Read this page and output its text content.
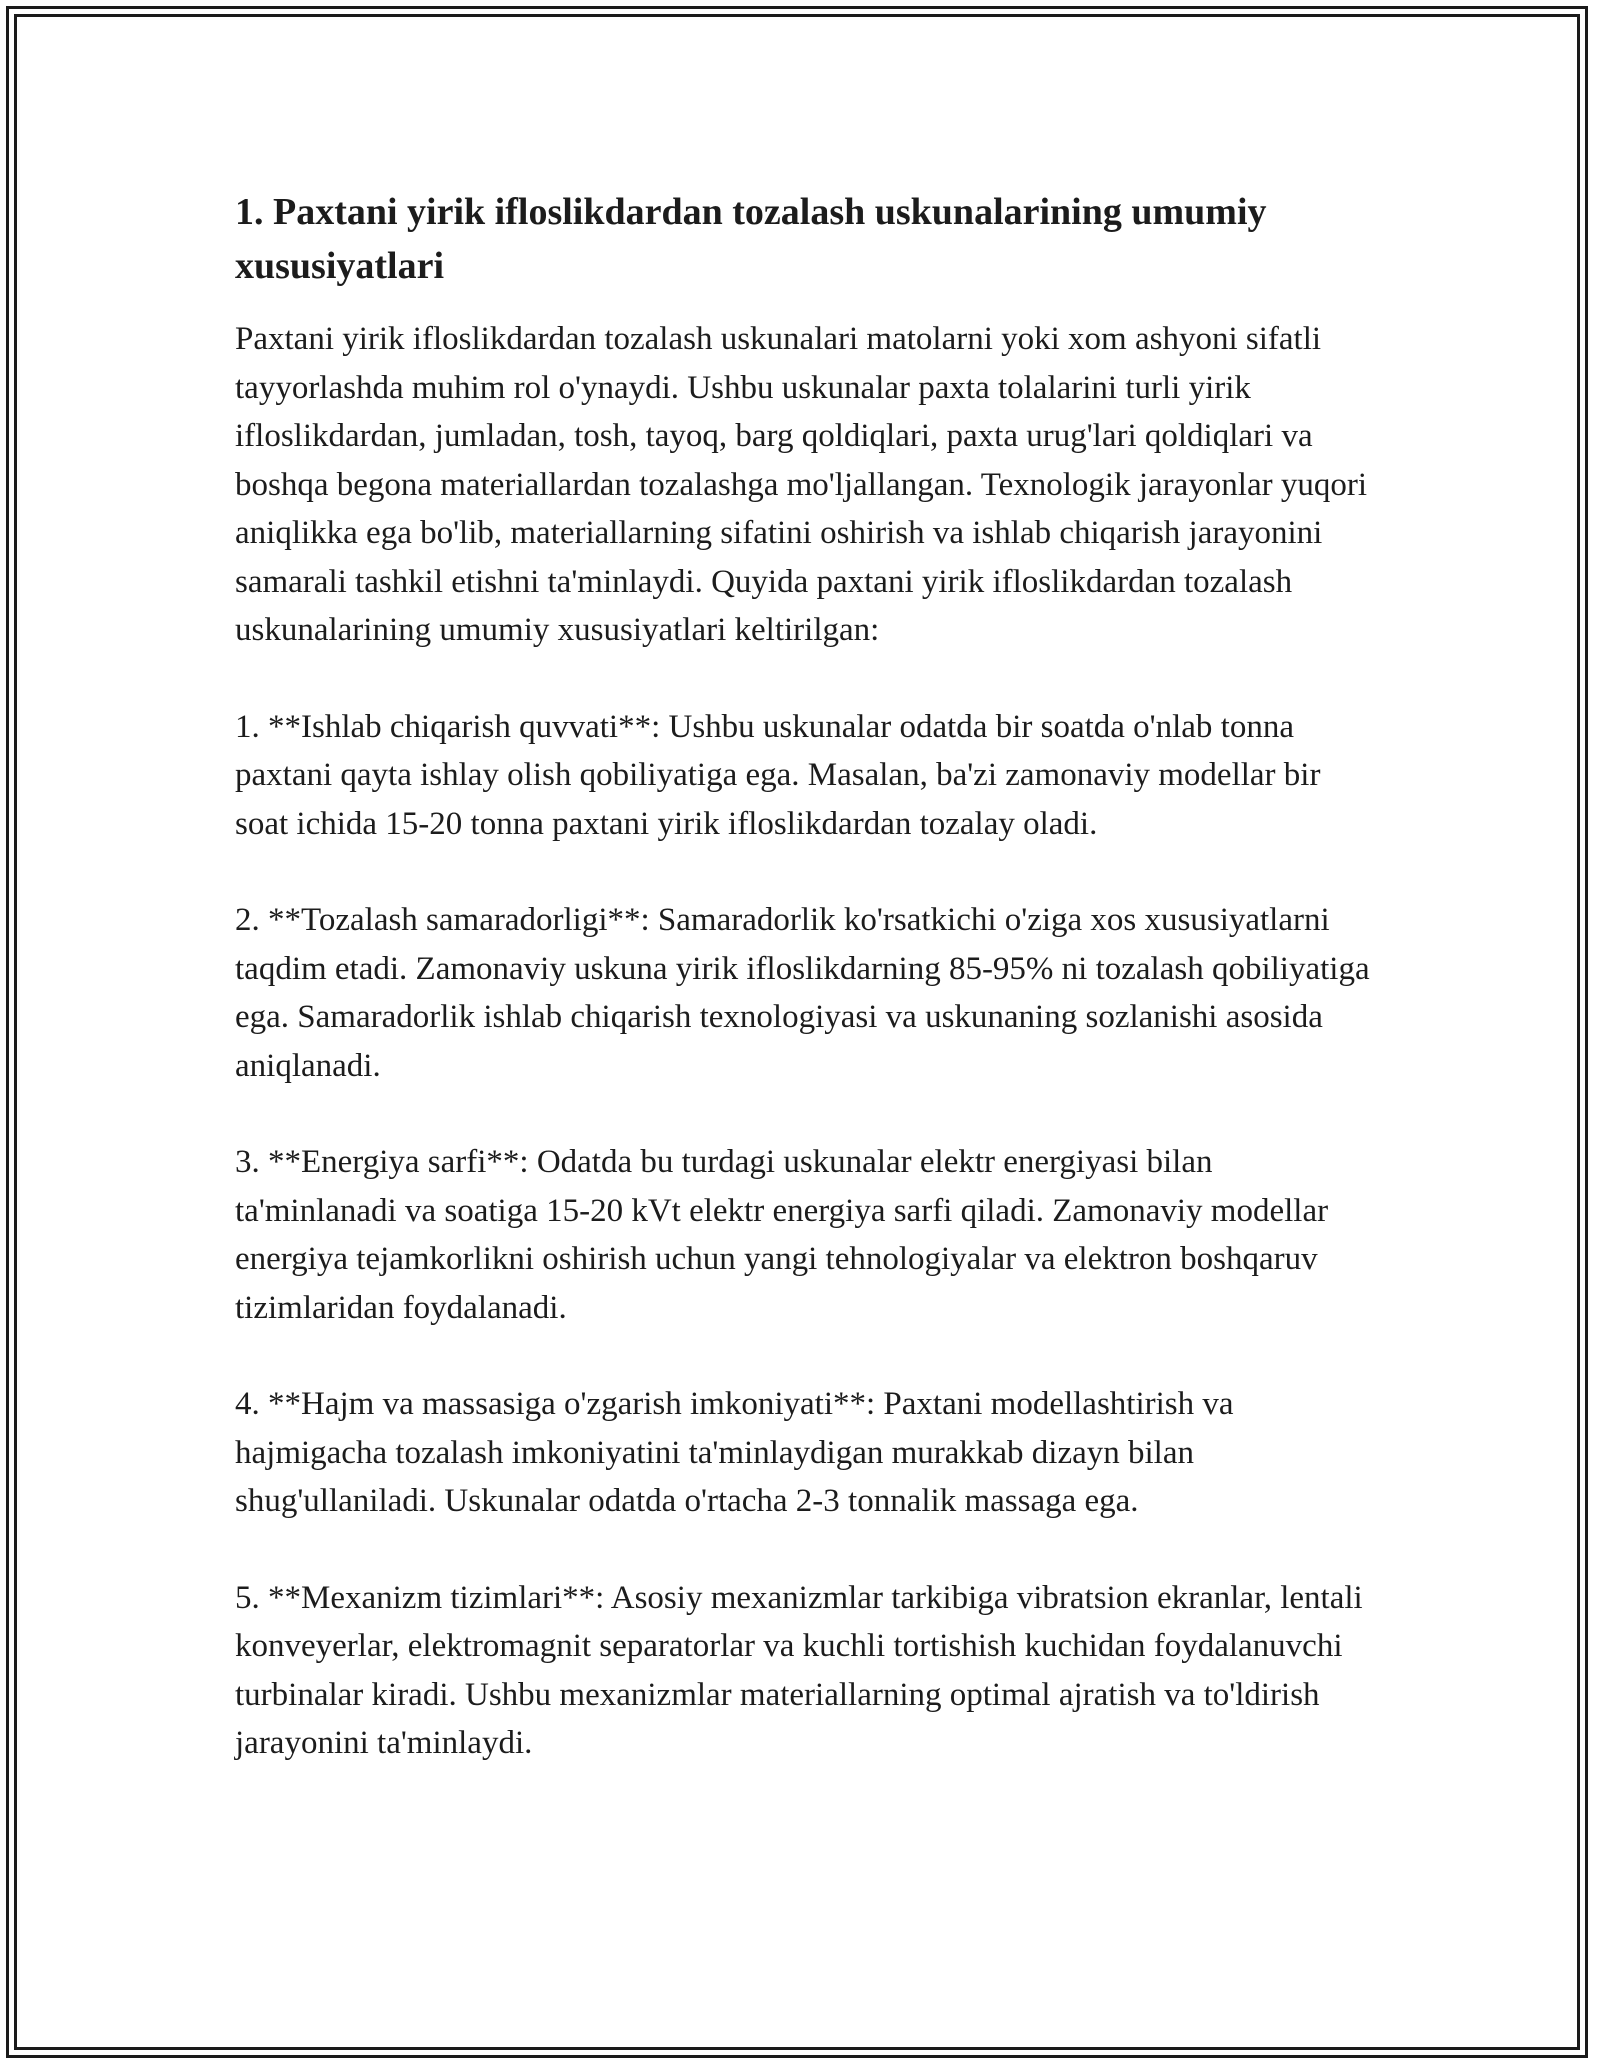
1. Paxtani yirik ifloslikdardan tozalash uskunalarining umumiy xususiyatlari

Paxtani yirik ifloslikdardan tozalash uskunalari matolarni yoki xom ashyoni sifatli tayyorlashda muhim rol o'ynaydi. Ushbu uskunalar paxta tolalarini turli yirik ifloslikdardan, jumladan, tosh, tayoq, barg qoldiqlari, paxta urug'lari qoldiqlari va boshqa begona materiallardan tozalashga mo'ljallangan. Texnologik jarayonlar yuqori aniqlikka ega bo'lib, materiallarning sifatini oshirish va ishlab chiqarish jarayonini samarali tashkil etishni ta'minlaydi. Quyida paxtani yirik ifloslikdardan tozalash uskunalarining umumiy xususiyatlari keltirilgan:

1. **Ishlab chiqarish quvvati**: Ushbu uskunalar odatda bir soatda o'nlab tonna paxtani qayta ishlay olish qobiliyatiga ega. Masalan, ba'zi zamonaviy modellar bir soat ichida 15-20 tonna paxtani yirik ifloslikdardan tozalay oladi.

2. **Tozalash samaradorligi**: Samaradorlik ko'rsatkichi o'ziga xos xususiyatlarni taqdim etadi. Zamonaviy uskuna yirik ifloslikdarning 85-95% ni tozalash qobiliyatiga ega. Samaradorlik ishlab chiqarish texnologiyasi va uskunaning sozlanishi asosida aniqlanadi.

3. **Energiya sarfi**: Odatda bu turdagi uskunalar elektr energiyasi bilan ta'minlanadi va soatiga 15-20 kVt elektr energiya sarfi qiladi. Zamonaviy modellar energiya tejamkorlikni oshirish uchun yangi tehnologiyalar va elektron boshqaruv tizimlaridan foydalanadi.

4. **Hajm va massasiga o'zgarish imkoniyati**: Paxtani modellashtirish va hajmigacha tozalash imkoniyatini ta'minlaydigan murakkab dizayn bilan shug'ullaniladi. Uskunalar odatda o'rtacha 2-3 tonnalik massaga ega.

5. **Mexanizm tizimlari**: Asosiy mexanizmlar tarkibiga vibratsion ekranlar, lentali konveyerlar, elektromagnit separatorlar va kuchli tortishish kuchidan foydalanuvchi turbinalar kiradi. Ushbu mexanizmlar materiallarning optimal ajratish va to'ldirish jarayonini ta'minlaydi.
